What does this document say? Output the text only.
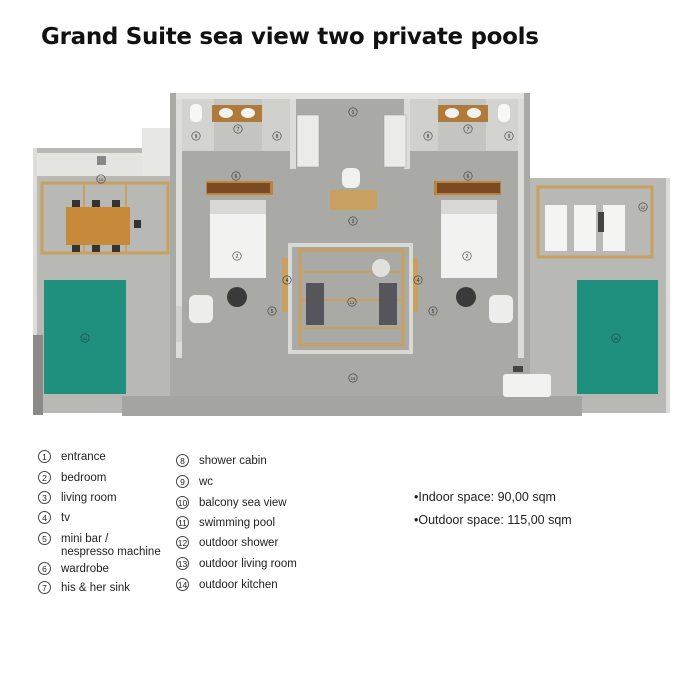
Grand Suite sea view two private pools
1
2	2
3
4	4
5	5
6	6
7	7
8	8
9	9
10
11	11
12
13
14
1	entrance
2	bedroom
3	living room
4	tv
5	mini bar /
nespresso machine
6	wardrobe
7	his & her sink
8	shower cabin
9	wc
10 balcony sea view
11 swimming pool
12 outdoor shower
13 outdoor living room
14 outdoor kitchen
•Indoor space: 90,00 sqm
•Outdoor space: 115,00 sqm
